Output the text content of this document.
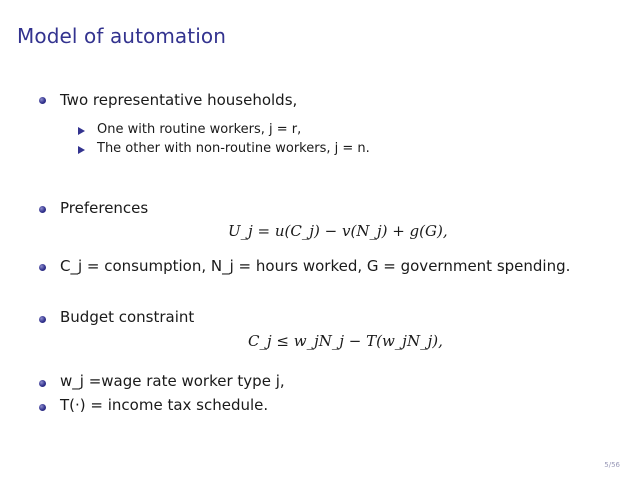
Model of automation
Two representative households,
One with routine workers, j = r,
The other with non-routine workers, j = n.
Preferences
U_j = u(C_j) − v(N_j) + g(G),
C_j = consumption, N_j = hours worked, G = government spending.
Budget constraint
C_j ≤ w_jN_j − T(w_jN_j),
w_j =wage rate worker type j,
T(·) = income tax schedule.
5/56
